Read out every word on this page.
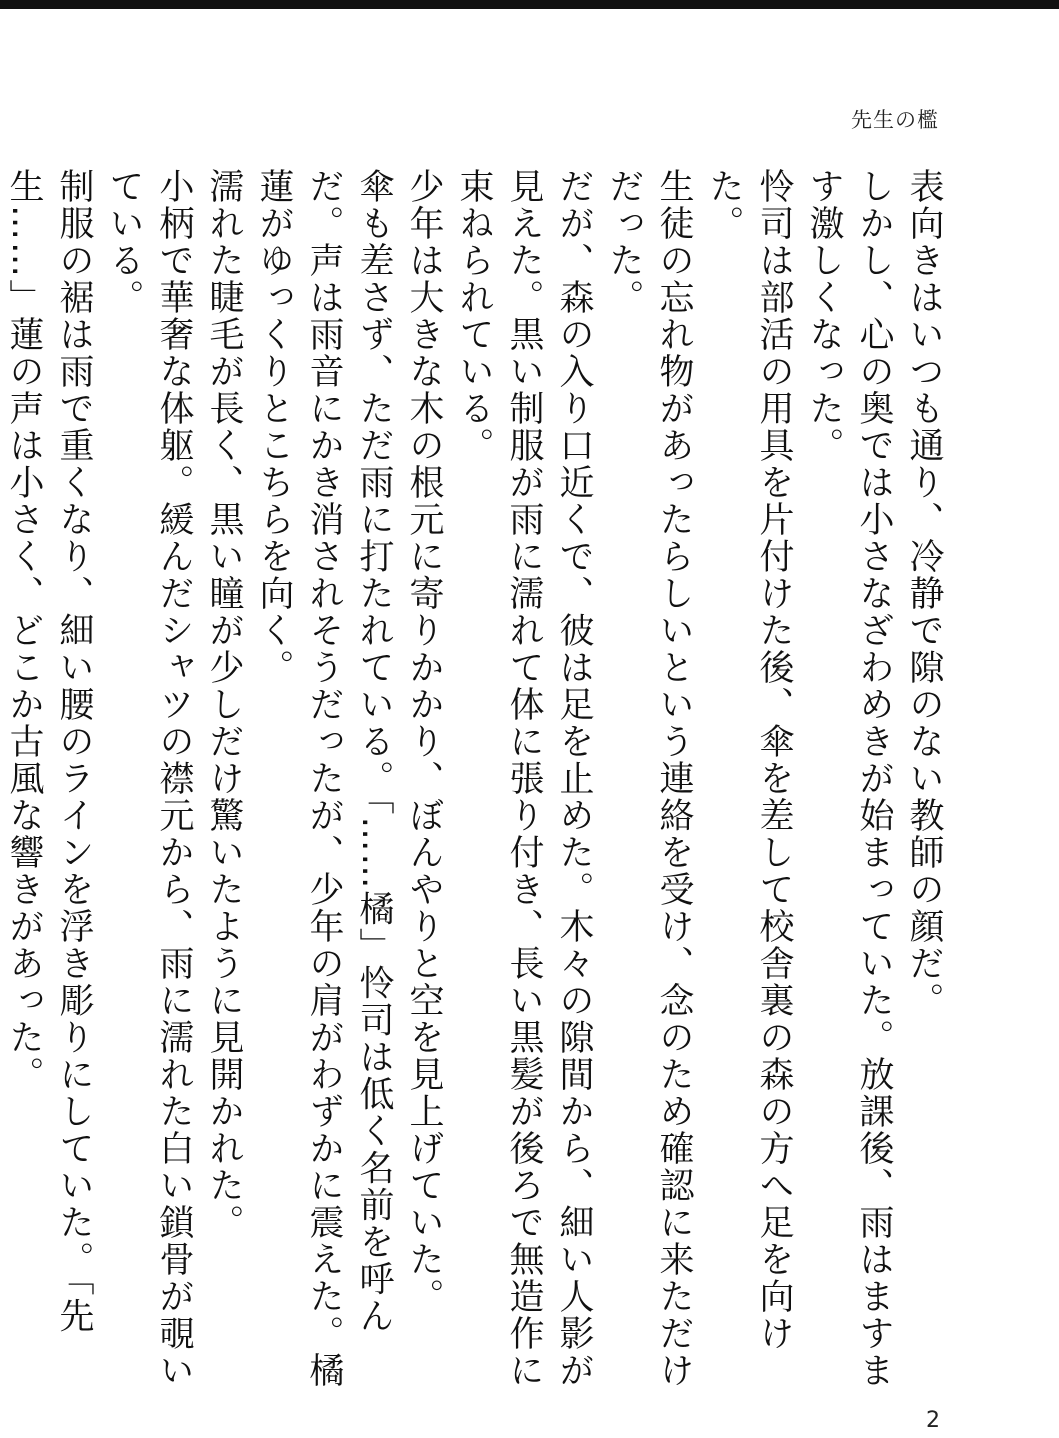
先生の檻

表向きはいつも通り、冷静で隙のない教師の顔だ。

しかし、心の奥では小さなざわめきが始まっていた。放課後、雨はますます激しくなった。

怜司は部活の用具を片付けた後、傘を差して校舎裏の森の方へ足を向けた。

生徒の忘れ物があったらしいという連絡を受け、念のため確認に来ただけだった。

だが、森の入り口近くで、彼は足を止めた。木々の隙間から、細い人影が見えた。黒い制服が雨に濡れて体に張り付き、長い黒髪が後ろで無造作に束ねられている。

少年は大きな木の根元に寄りかかり、ぼんやりと空を見上げていた。

傘も差さず、ただ雨に打たれている。「……橘」怜司は低く名前を呼んだ。声は雨音にかき消されそうだったが、少年の肩がわずかに震えた。橘蓮がゆっくりとこちらを向く。

濡れた睫毛が長く、黒い瞳が少しだけ驚いたように見開かれた。

小柄で華奢な体躯。緩んだシャツの襟元から、雨に濡れた白い鎖骨が覗いている。

制服の裾は雨で重くなり、細い腰のラインを浮き彫りにしていた。「先生……」蓮の声は小さく、どこか古風な響きがあった。

2
